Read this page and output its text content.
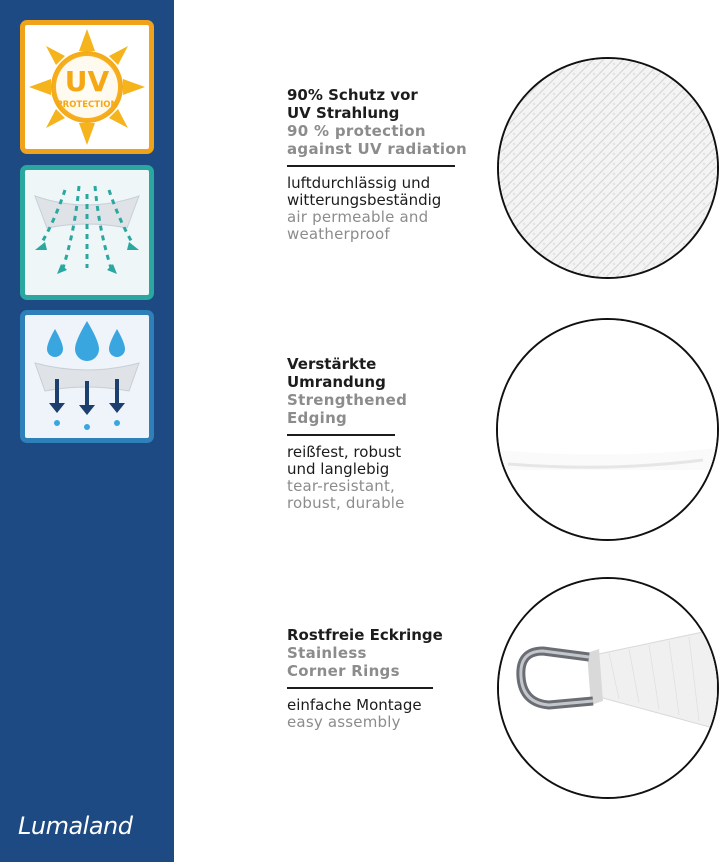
UV
PROTECTION
Lumaland

90% Schutz vor
UV Strahlung

90 % protection
against UV radiation

luftdurchlässig und
witterungsbeständig

air permeable and
weatherproof

Verstärkte
Umrandung

Strengthened
Edging

reißfest, robust
und langlebig

tear-resistant,
robust, durable

Rostfreie Eckringe

Stainless
Corner Rings

einfache Montage

easy assembly
